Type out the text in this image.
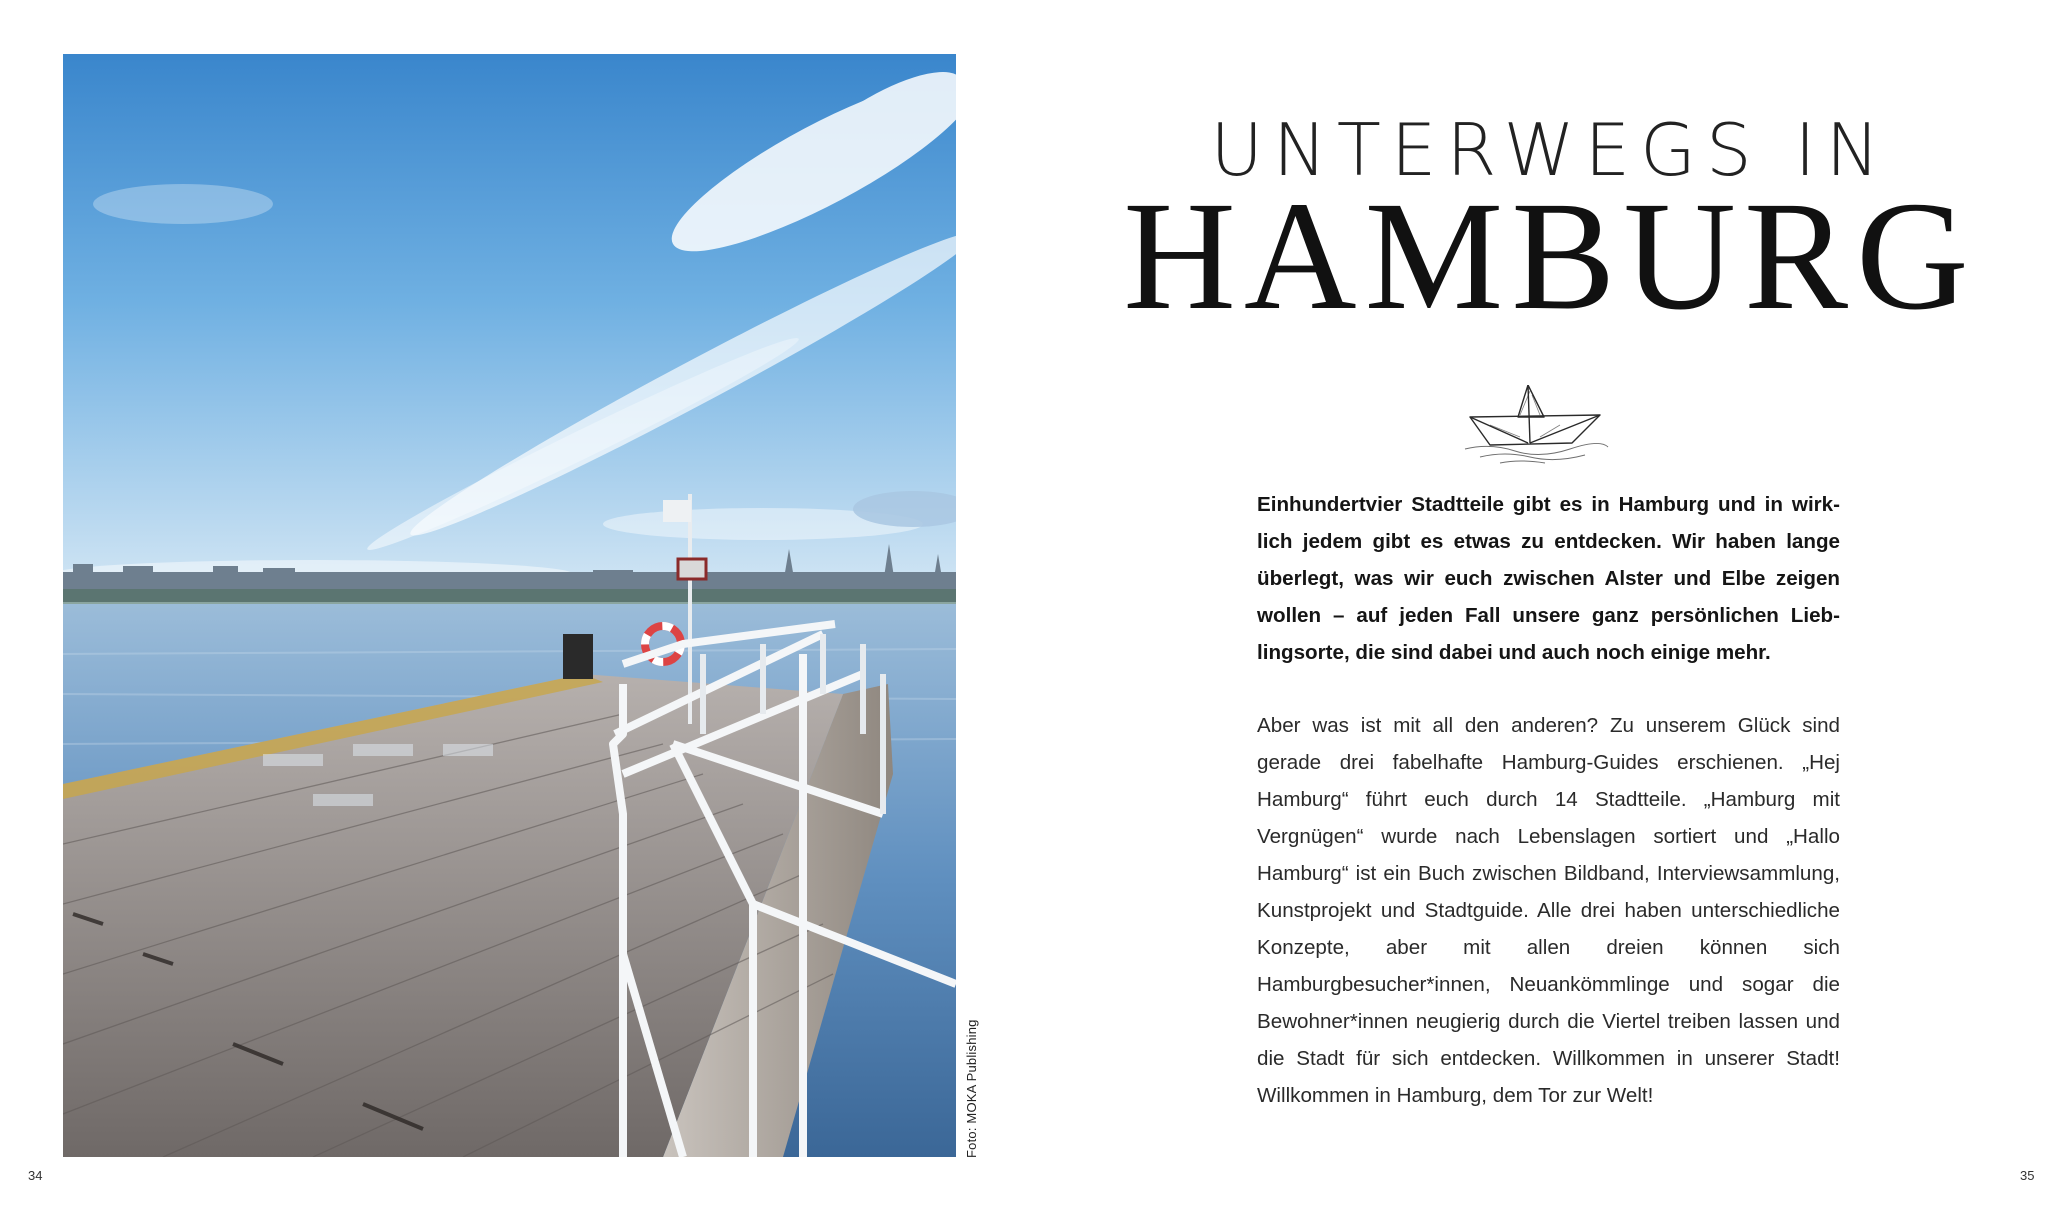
Foto: MOKA Publishing
34	35
UNTERWEGS IN
HAMBURG
Einhundertvier Stadtteile gibt es in Hamburg und in wirklich jedem gibt es etwas zu entdecken. Wir haben lange überlegt, was wir euch zwischen Alster und Elbe zeigen wollen – auf jeden Fall unsere ganz persönlichen Lieblingsorte, die sind dabei und auch noch einige mehr.
Aber was ist mit all den anderen? Zu unserem Glück sind gerade drei fabelhafte Hamburg-Guides erschienen. „Hej Hamburg“ führt euch durch 14 Stadtteile. „Hamburg mit Vergnügen“ wurde nach Lebenslagen sortiert und „Hallo Hamburg“ ist ein Buch zwischen Bildband, Interviewsammlung, Kunstprojekt und Stadtguide. Alle drei haben unterschiedliche Konzepte, aber mit allen dreien können sich Hamburgbesucher*innen, Neuankömmlinge und sogar die Bewohner*innen neugierig durch die Viertel treiben lassen und die Stadt für sich entdecken. Willkommen in unserer Stadt! Willkommen in Hamburg, dem Tor zur Welt!
